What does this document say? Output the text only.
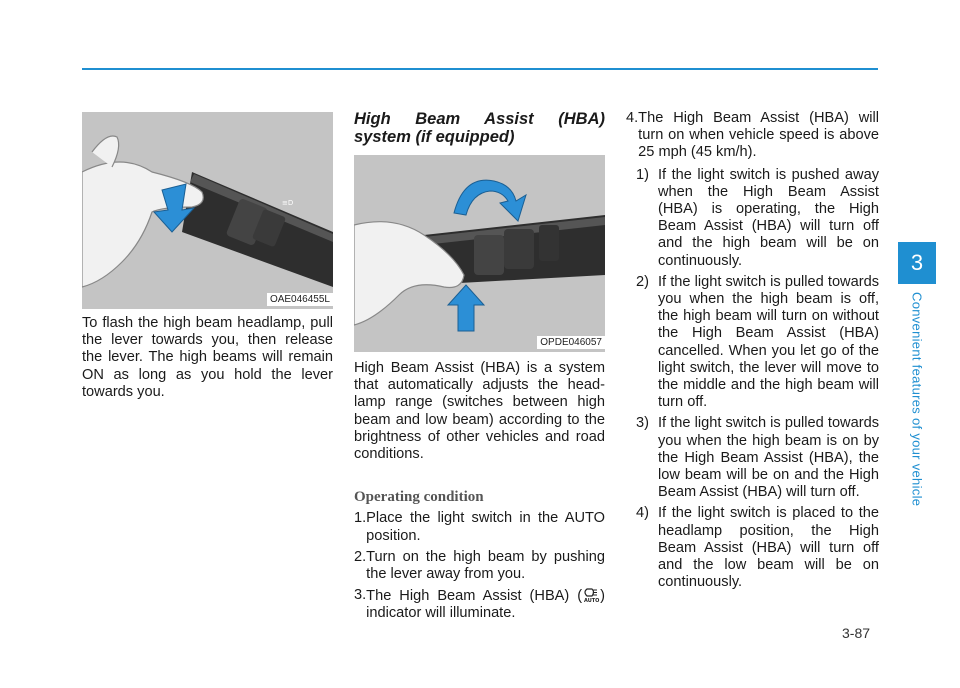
≡D
OAE046455L

To flash the high beam headlamp, pull the lever towards you, then release the lever. The high beams will remain ON as long as you hold the lever towards you.

High Beam Assist (HBA) system (if equipped)

OPDE046057

High Beam Assist (HBA) is a system that automatically adjusts the head-lamp range (switches between high beam and low beam) according to the brightness of other vehicles and road conditions.

Operating condition

1. Place the light switch in the AUTO position.
2. Turn on the high beam by pushing the lever away from you.
3. The High Beam Assist (HBA) ( AUTO ) indicator will illuminate.
4. The High Beam Assist (HBA) will turn on when vehicle speed is above 25 mph (45 km/h).
1) If the light switch is pushed away when the High Beam Assist (HBA) is operating, the High Beam Assist (HBA) will turn off and the high beam will be on continuously.
2) If the light switch is pulled towards you when the high beam is off, the high beam will turn on without the High Beam Assist (HBA) cancelled. When you let go of the light switch, the lever will move to the middle and the high beam will turn off.
3) If the light switch is pulled towards you when the high beam is on by the High Beam Assist (HBA), the low beam will be on and the High Beam Assist (HBA) will turn off.
4) If the light switch is placed to the headlamp position, the High Beam Assist (HBA) will turn off and the low beam will be on continuously.
3
Convenient features of your vehicle
3-87
